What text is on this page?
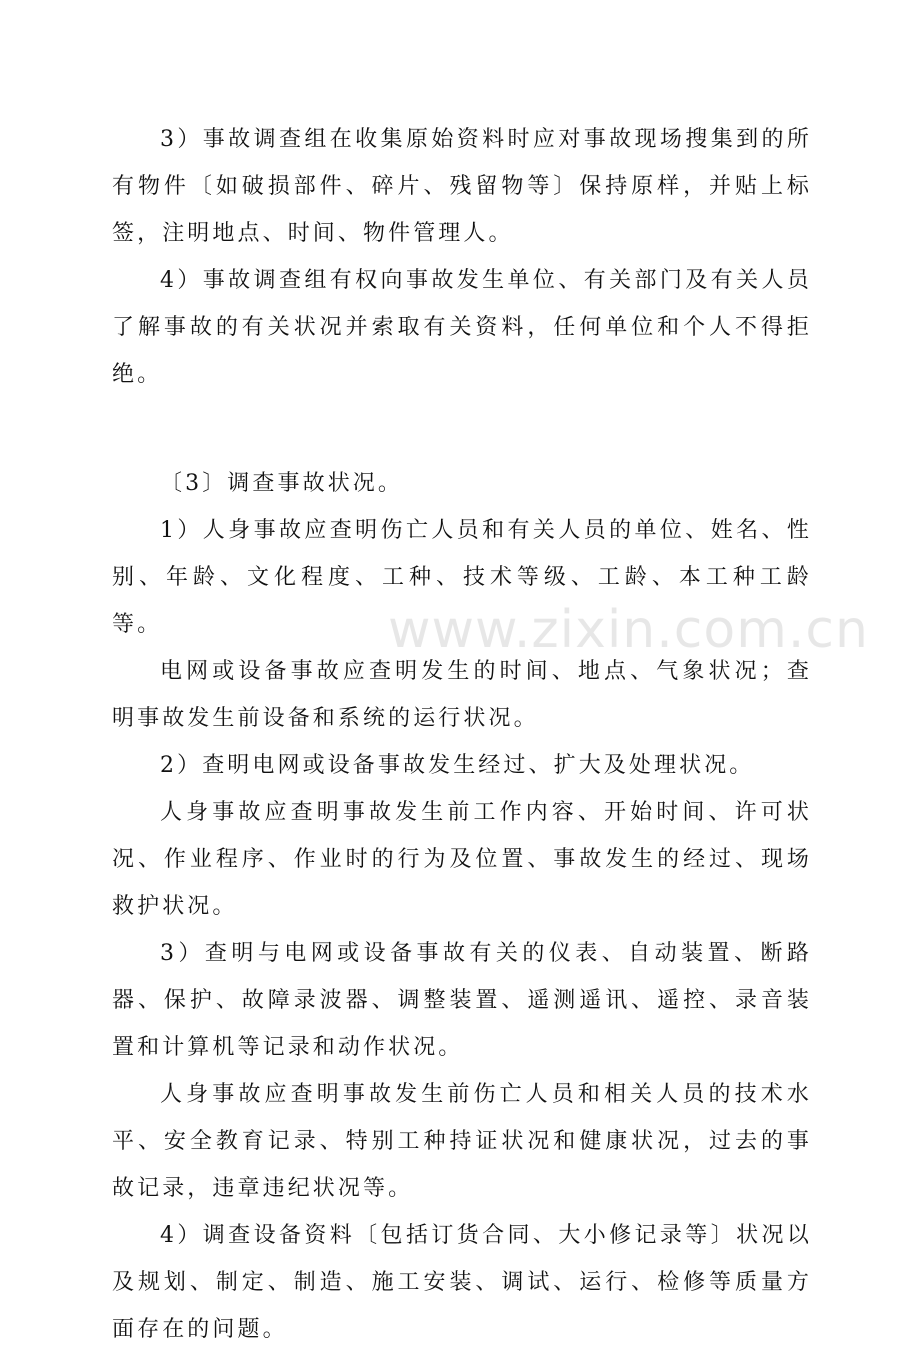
3）事故调查组在收集原始资料时应对事故现场搜集到的所有物件〔如破损部件、碎片、残留物等〕保持原样，并贴上标签，注明地点、时间、物件管理人。

4）事故调查组有权向事故发生单位、有关部门及有关人员了解事故的有关状况并索取有关资料，任何单位和个人不得拒绝。

〔3〕调查事故状况。

1）人身事故应查明伤亡人员和有关人员的单位、姓名、性别、年龄、文化程度、工种、技术等级、工龄、本工种工龄等。

电网或设备事故应查明发生的时间、地点、气象状况；查明事故发生前设备和系统的运行状况。

2）查明电网或设备事故发生经过、扩大及处理状况。

人身事故应查明事故发生前工作内容、开始时间、许可状况、作业程序、作业时的行为及位置、事故发生的经过、现场救护状况。

3）查明与电网或设备事故有关的仪表、自动装置、断路器、保护、故障录波器、调整装置、遥测遥讯、遥控、录音装置和计算机等记录和动作状况。

人身事故应查明事故发生前伤亡人员和相关人员的技术水平、安全教育记录、特别工种持证状况和健康状况，过去的事故记录，违章违纪状况等。

4）调查设备资料〔包括订货合同、大小修记录等〕状况以及规划、制定、制造、施工安装、调试、运行、检修等质量方面存在的问题。

www.zixin.com.cn
